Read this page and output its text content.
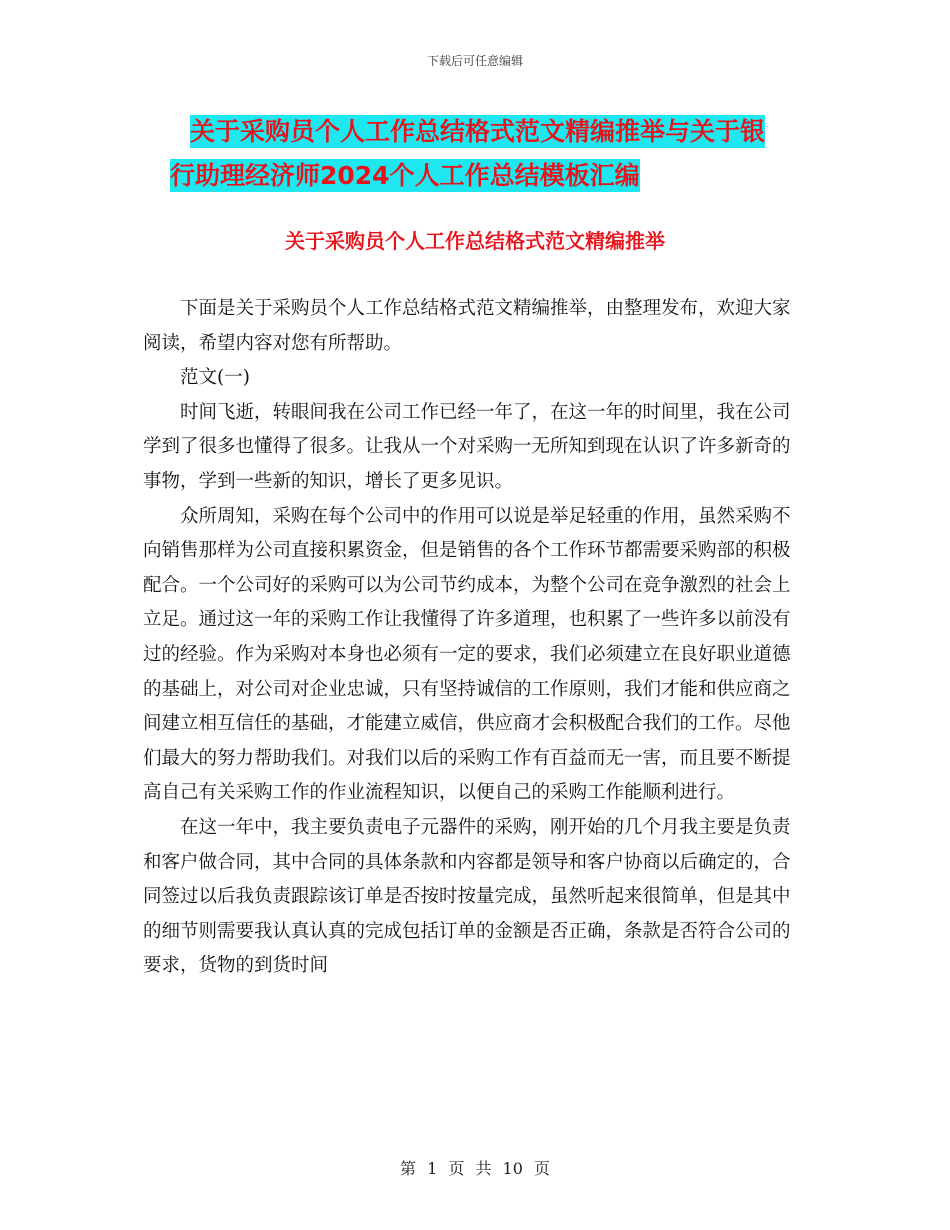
下载后可任意编辑
关于采购员个人工作总结格式范文精编推举与关于银
行助理经济师2024个人工作总结模板汇编
关于采购员个人工作总结格式范文精编推举

下面是关于采购员个人工作总结格式范文精编推举，由整理发布，欢迎大家阅读，希望内容对您有所帮助。

范文(一)

时间飞逝，转眼间我在公司工作已经一年了，在这一年的时间里，我在公司学到了很多也懂得了很多。让我从一个对采购一无所知到现在认识了许多新奇的事物，学到一些新的知识，增长了更多见识。

众所周知，采购在每个公司中的作用可以说是举足轻重的作用，虽然采购不向销售那样为公司直接积累资金，但是销售的各个工作环节都需要采购部的积极配合。一个公司好的采购可以为公司节约成本，为整个公司在竞争激烈的社会上立足。通过这一年的采购工作让我懂得了许多道理，也积累了一些许多以前没有过的经验。作为采购对本身也必须有一定的要求，我们必须建立在良好职业道德的基础上，对公司对企业忠诚，只有坚持诚信的工作原则，我们才能和供应商之间建立相互信任的基础，才能建立威信，供应商才会积极配合我们的工作。尽他们最大的努力帮助我们。对我们以后的采购工作有百益而无一害，而且要不断提高自己有关采购工作的作业流程知识，以便自己的采购工作能顺利进行。

在这一年中，我主要负责电子元器件的采购，刚开始的几个月我主要是负责和客户做合同，其中合同的具体条款和内容都是领导和客户协商以后确定的，合同签过以后我负责跟踪该订单是否按时按量完成，虽然听起来很简单，但是其中的细节则需要我认真认真的完成包括订单的金额是否正确，条款是否符合公司的要求，货物的到货时间

第 1 页 共 10 页
